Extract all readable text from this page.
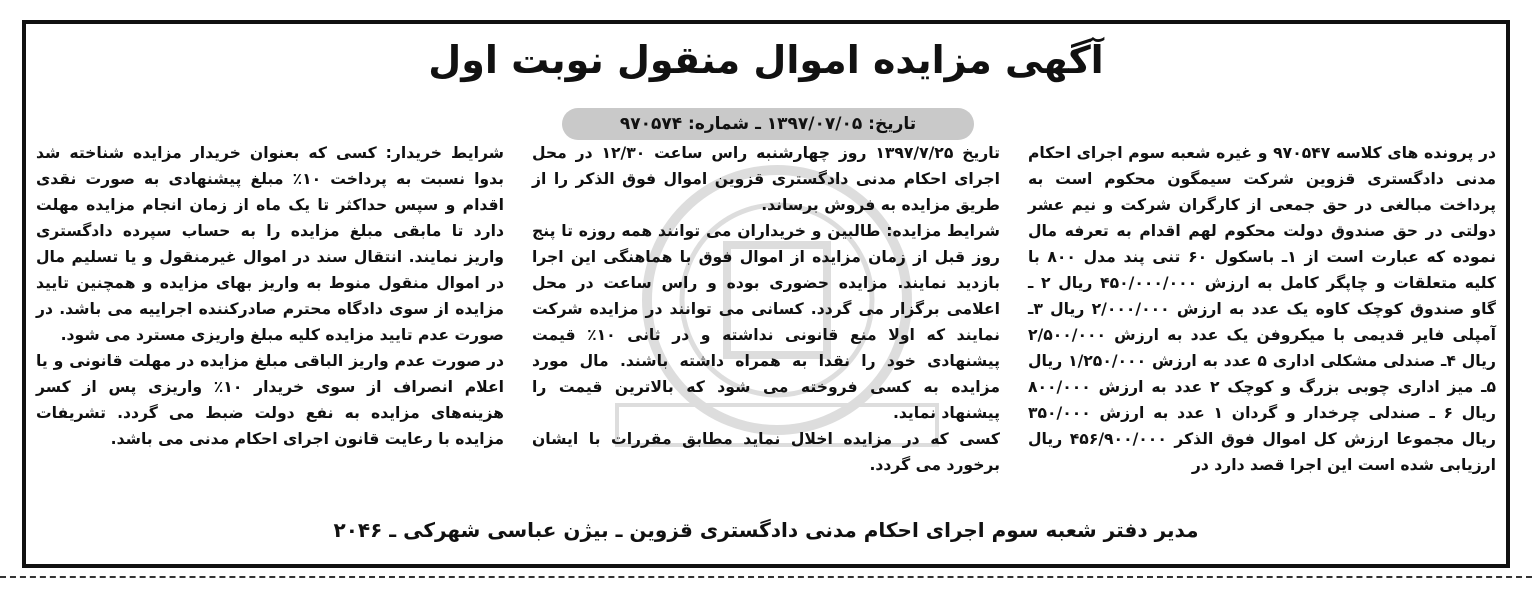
آگهی مزایده اموال منقول نوبت اول
تاریخ: ۱۳۹۷/۰۷/۰۵ ـ شماره: ۹۷۰۵۷۴

در پرونده های کلاسه ۹۷۰۵۴۷ و غیره شعبه سوم اجرای احکام مدنی دادگستری قزوین شرکت سیمگون محکوم است به پرداخت مبالغی در حق جمعی از کارگران شرکت و نیم عشر دولتی در حق صندوق دولت محکوم لهم اقدام به تعرفه مال نموده که عبارت است از ۱ـ باسکول ۶۰ تنی پند مدل ۸۰۰ با کلیه متعلقات و چاپگر کامل به ارزش ۴۵۰/۰۰۰/۰۰۰ ریال ۲ ـ گاو صندوق کوچک کاوه یک عدد به ارزش ۲/۰۰۰/۰۰۰ ریال ۳ـ آمپلی فایر قدیمی با میکروفن یک عدد به ارزش ۲/۵۰۰/۰۰۰ ریال ۴ـ صندلی مشکلی اداری ۵ عدد به ارزش ۱/۲۵۰/۰۰۰ ریال ۵ـ میز اداری چوبی بزرگ و کوچک ۲ عدد به ارزش ۸۰۰/۰۰۰ ریال ۶ ـ صندلی چرخدار و گردان ۱ عدد به ارزش ۳۵۰/۰۰۰ ریال مجموعا ارزش کل اموال فوق الذکر ۴۵۶/۹۰۰/۰۰۰ ریال ارزیابی شده است این اجرا قصد دارد در

تاریخ ۱۳۹۷/۷/۲۵ روز چهارشنبه راس ساعت ۱۲/۳۰ در محل اجرای احکام مدنی دادگستری قزوین اموال فوق الذکر را از طریق مزایده به فروش برساند.

شرایط مزایده: طالبین و خریداران می توانند همه روزه تا پنج روز قبل از زمان مزایده از اموال فوق با هماهنگی این اجرا بازدید نمایند. مزایده حضوری بوده و راس ساعت در محل اعلامی برگزار می گردد. کسانی می توانند در مزایده شرکت نمایند که اولا منع قانونی نداشته و در ثانی ۱۰٪ قیمت پیشنهادی خود را نقدا به همراه داشته باشند. مال مورد مزایده به کسی فروخته می شود که بالاترین قیمت را پیشنهاد نماید.

کسی که در مزایده اخلال نماید مطابق مقررات با ایشان برخورد می گردد.

شرایط خریدار: کسی که بعنوان خریدار مزایده شناخته شد بدوا نسبت به پرداخت ۱۰٪ مبلغ پیشنهادی به صورت نقدی اقدام و سپس حداکثر تا یک ماه از زمان انجام مزایده مهلت دارد تا مابقی مبلغ مزایده را به حساب سپرده دادگستری واریز نمایند. انتقال سند در اموال غیرمنقول و یا تسلیم مال در اموال منقول منوط به واریز بهای مزایده و همچنین تایید مزایده از سوی دادگاه محترم صادرکننده اجراییه می باشد. در صورت عدم تایید مزایده کلیه مبلغ واریزی مسترد می شود.

در صورت عدم واریز الباقی مبلغ مزایده در مهلت قانونی و یا اعلام انصراف از سوی خریدار ۱۰٪ واریزی پس از کسر هزینه‌های مزایده به نفع دولت ضبط می گردد. تشریفات مزایده با رعایت قانون اجرای احکام مدنی می باشد.

مدیر دفتر شعبه سوم اجرای احکام مدنی دادگستری قزوین ـ بیژن عباسی شهرکی ـ ۲۰۴۶
